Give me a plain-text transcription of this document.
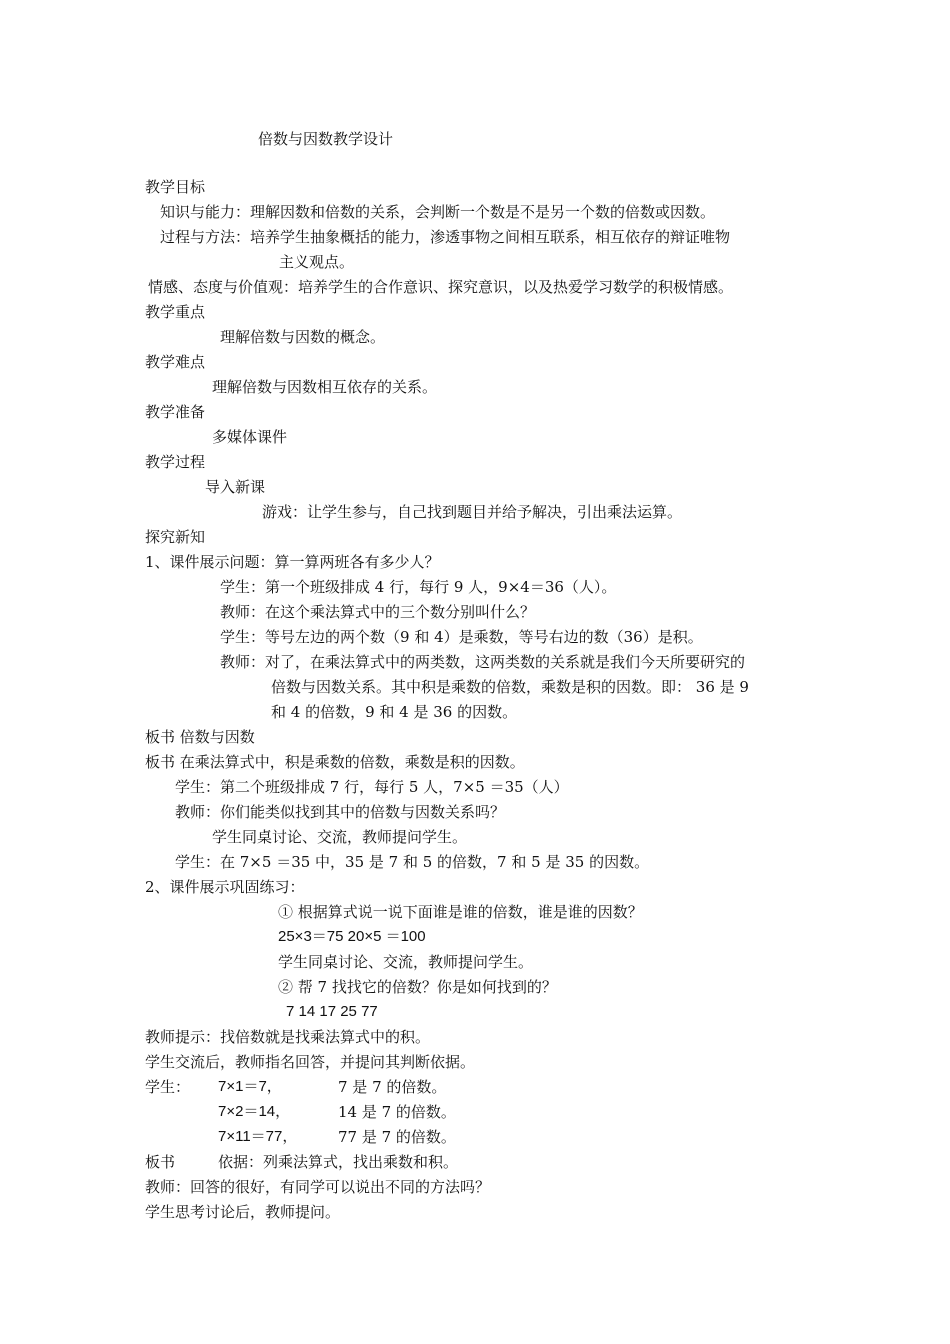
倍数与因数教学设计
教学目标
知识与能力：理解因数和倍数的关系，会判断一个数是不是另一个数的倍数或因数。
过程与方法：培养学生抽象概括的能力，渗透事物之间相互联系，相互依存的辩证唯物
主义观点。
情感、态度与价值观：培养学生的合作意识、探究意识，以及热爱学习数学的积极情感。
教学重点
理解倍数与因数的概念。
教学难点
理解倍数与因数相互依存的关系。
教学准备
多媒体课件
教学过程
导入新课
游戏：让学生参与，自己找到题目并给予解决，引出乘法运算。
探究新知
1、课件展示问题：算一算两班各有多少人？
学生：第一个班级排成 4 行，每行 9 人，9×4＝36（人）。
教师：在这个乘法算式中的三个数分别叫什么？
学生：等号左边的两个数（9 和 4）是乘数，等号右边的数（36）是积。
教师：对了，在乘法算式中的两类数，这两类数的关系就是我们今天所要研究的
倍数与因数关系。其中积是乘数的倍数，乘数是积的因数。即： 36 是 9
和 4 的倍数，9 和 4 是 36 的因数。
板书 倍数与因数
板书 在乘法算式中，积是乘数的倍数，乘数是积的因数。
学生：第二个班级排成 7 行，每行 5 人，7×5 ＝35（人）
教师：你们能类似找到其中的倍数与因数关系吗？
学生同桌讨论、交流，教师提问学生。
学生：在 7×5 ＝35 中，35 是 7 和 5 的倍数，7 和 5 是 35 的因数。
2、课件展示巩固练习：
① 根据算式说一说下面谁是谁的倍数，谁是谁的因数？
25×3＝75 20×5 ＝100
学生同桌讨论、交流，教师提问学生。
② 帮 7 找找它的倍数？你是如何找到的？
7 14 17 25 77
教师提示：找倍数就是找乘法算式中的积。
学生交流后，教师指名回答，并提问其判断依据。
学生： 7×1＝7，	7 是 7 的倍数。
7×2＝14，	14 是 7 的倍数。
7×11＝77，	77 是 7 的倍数。
板书	依据：列乘法算式，找出乘数和积。
教师：回答的很好，有同学可以说出不同的方法吗？
学生思考讨论后，教师提问。
